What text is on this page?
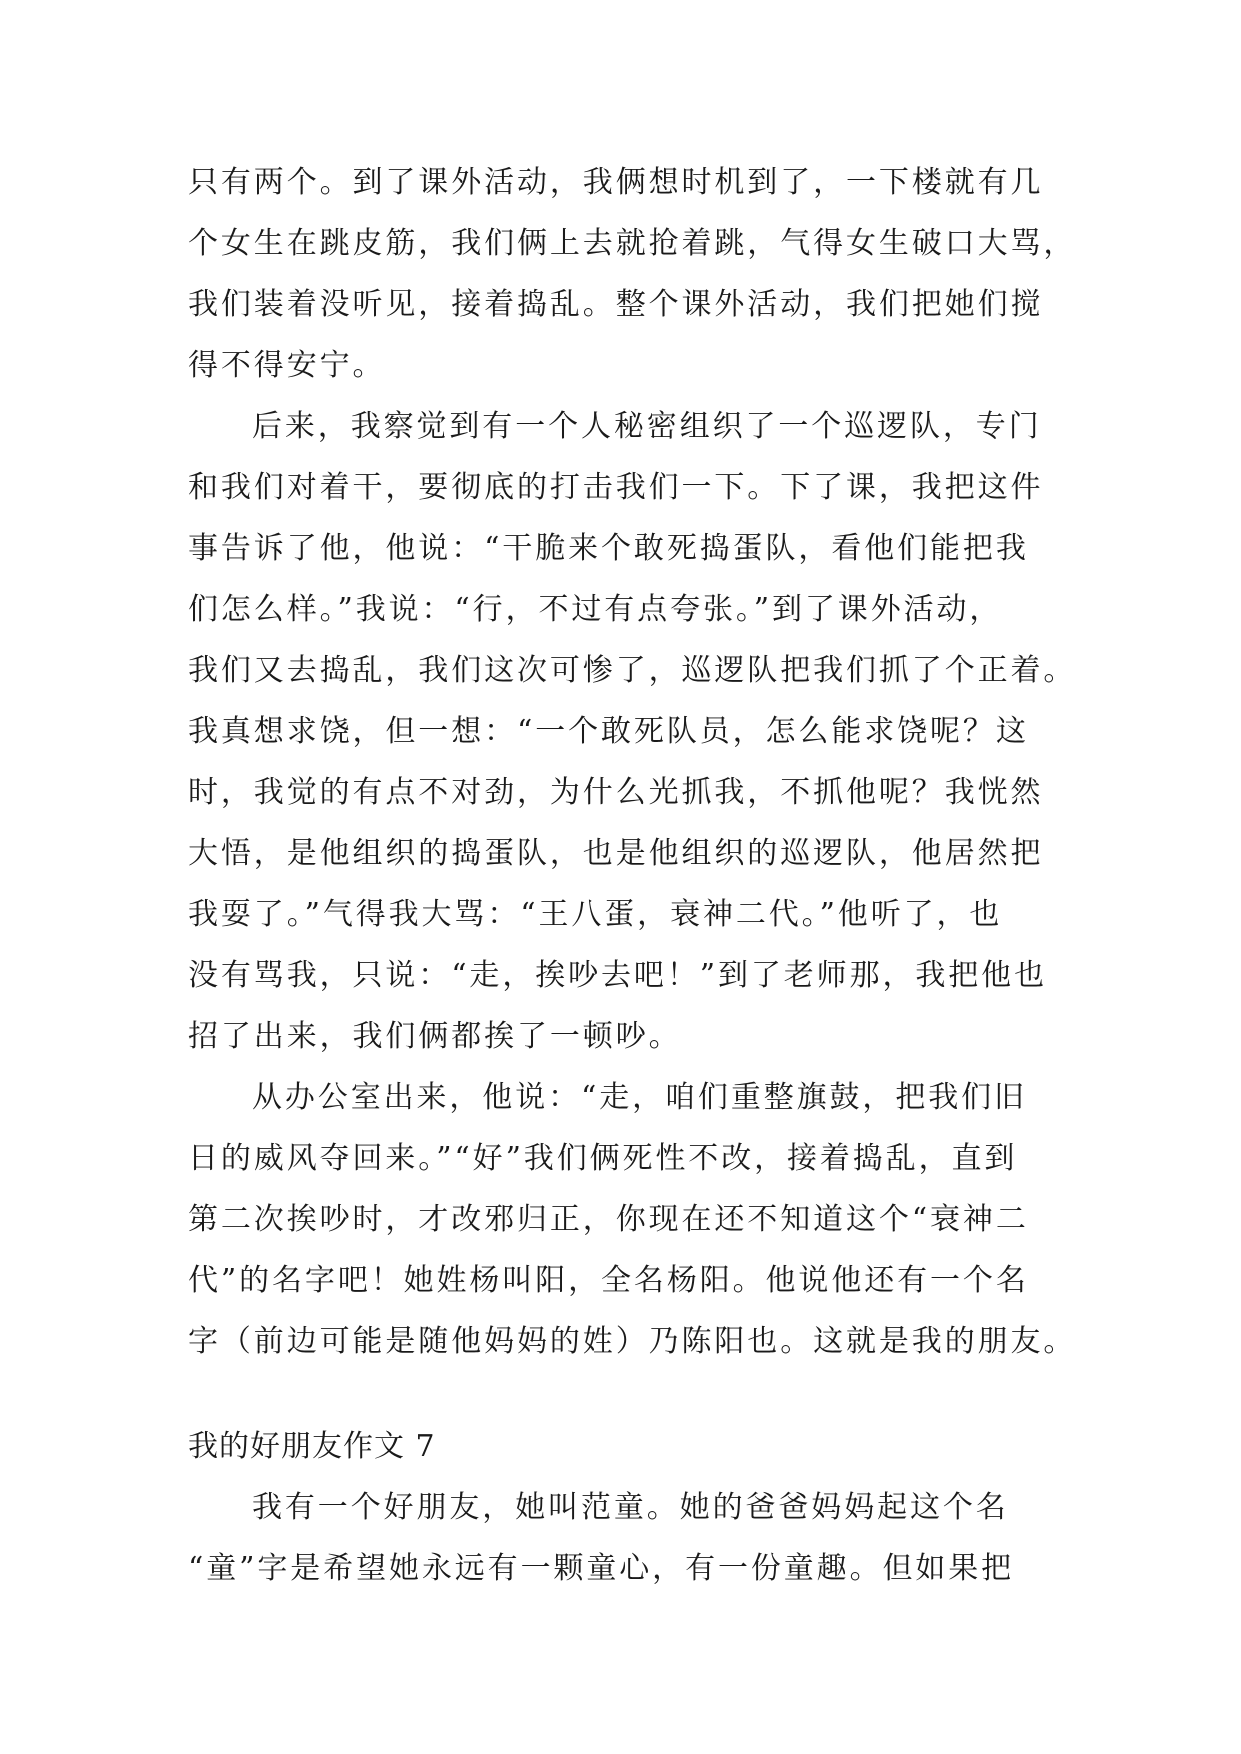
只有两个。到了课外活动，我俩想时机到了，一下楼就有几
个女生在跳皮筋，我们俩上去就抢着跳，气得女生破口大骂，
我们装着没听见，接着捣乱。整个课外活动，我们把她们搅
得不得安宁。
后来，我察觉到有一个人秘密组织了一个巡逻队，专门
和我们对着干，要彻底的打击我们一下。下了课，我把这件
事告诉了他，他说：“干脆来个敢死捣蛋队，看他们能把我
们怎么样。”我说：“行，不过有点夸张。”到了课外活动，
我们又去捣乱，我们这次可惨了，巡逻队把我们抓了个正着。
我真想求饶，但一想：“一个敢死队员，怎么能求饶呢？这
时，我觉的有点不对劲，为什么光抓我，不抓他呢？我恍然
大悟，是他组织的捣蛋队，也是他组织的巡逻队，他居然把
我耍了。”气得我大骂：“王八蛋，衰神二代。”他听了，也
没有骂我，只说：“走，挨吵去吧！”到了老师那，我把他也
招了出来，我们俩都挨了一顿吵。
从办公室出来，他说：“走，咱们重整旗鼓，把我们旧
日的威风夺回来。”“好”我们俩死性不改，接着捣乱，直到
第二次挨吵时，才改邪归正，你现在还不知道这个“衰神二
代”的名字吧！她姓杨叫阳，全名杨阳。他说他还有一个名
字（前边可能是随他妈妈的姓）乃陈阳也。这就是我的朋友。
我的好朋友作文 7
我有一个好朋友，她叫范童。她的爸爸妈妈起这个名
“童”字是希望她永远有一颗童心，有一份童趣。但如果把
